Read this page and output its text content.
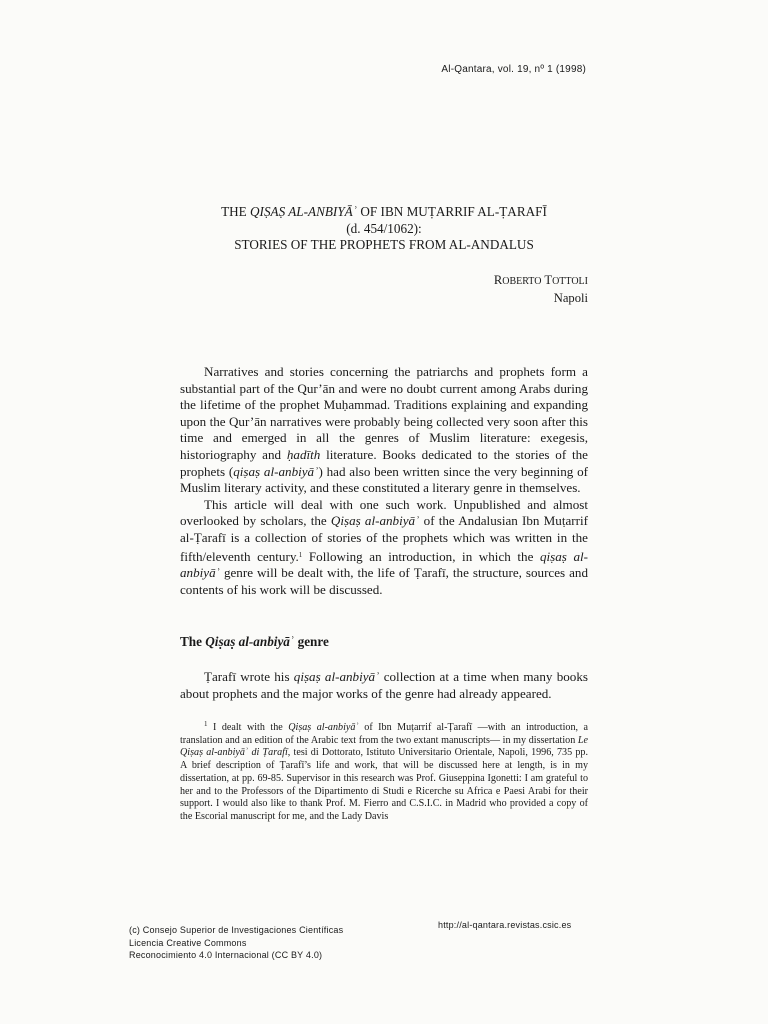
Al-Qantara, vol. 19, nº 1 (1998)
THE QIṢAṢ AL-ANBIYĀʾ OF IBN MUṬARRIF AL-ṬARAFĪ
(d. 454/1062):
STORIES OF THE PROPHETS FROM AL-ANDALUS
ROBERTO TOTTOLI
Napoli

Narratives and stories concerning the patriarchs and prophets form a substantial part of the Qur’ān and were no doubt current among Arabs during the lifetime of the prophet Muḥammad. Traditions explaining and expanding upon the Qur’ān narratives were probably being collected very soon after this time and emerged in all the genres of Muslim literature: exegesis, historiography and ḥadīth literature. Books dedicated to the stories of the prophets (qiṣaṣ al-anbiyāʾ) had also been written since the very beginning of Muslim literary activity, and these constituted a literary genre in themselves.

This article will deal with one such work. Unpublished and almost overlooked by scholars, the Qiṣaṣ al-anbiyāʾ of the Andalusian Ibn Muṭarrif al-Ṭarafī is a collection of stories of the prophets which was written in the fifth/eleventh century.$^1$ Following an introduction, in which the qiṣaṣ al-anbiyāʾ genre will be dealt with, the life of Ṭarafī, the structure, sources and contents of his work will be discussed.

The Qiṣaṣ al-anbiyāʾ genre

Ṭarafī wrote his qiṣaṣ al-anbiyāʾ collection at a time when many books about prophets and the major works of the genre had already appeared.

$^1$ I dealt with the Qiṣaṣ al-anbiyāʾ of Ibn Muṭarrif al-Ṭarafī —with an introduction, a translation and an edition of the Arabic text from the two extant manuscripts— in my dissertation Le Qiṣaṣ al-anbiyāʾ di Ṭarafī, tesi di Dottorato, Istituto Universitario Orientale, Napoli, 1996, 735 pp. A brief description of Ṭarafī’s life and work, that will be discussed here at length, is in my dissertation, at pp. 69-85. Supervisor in this research was Prof. Giuseppina Igonetti: I am grateful to her and to the Professors of the Dipartimento di Studi e Ricerche su Africa e Paesi Arabi for their support. I would also like to thank Prof. M. Fierro and C.S.I.C. in Madrid who provided a copy of the Escorial manuscript for me, and the Lady Davis

(c) Consejo Superior de Investigaciones Científicas
Licencia Creative Commons
Reconocimiento 4.0 Internacional (CC BY 4.0)
http://al-qantara.revistas.csic.es
